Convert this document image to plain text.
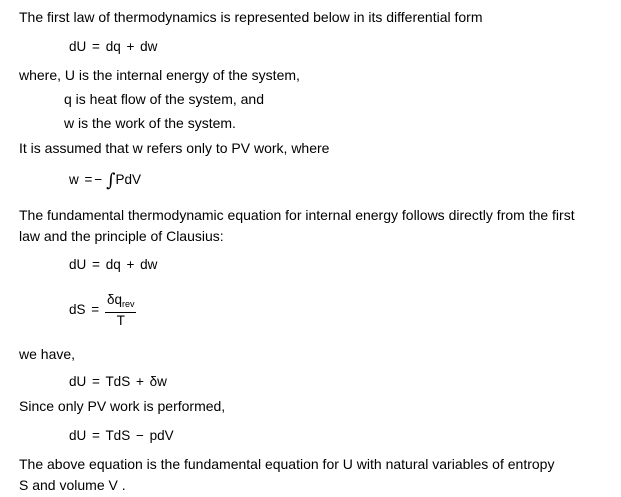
The first law of thermodynamics is represented below in its differential form
dU = dq + dw
where, U is the internal energy of the system,
q is heat flow of the system, and
w is the work of the system.
It is assumed that w refers only to PV work, where
w = − ∫PdV
The fundamental thermodynamic equation for internal energy follows directly from the first
law and the principle of Clausius:
dU = dq + dw
dS = $\frac{\delta q_{rev}}{T}$
we have,
dU = TdS + δw
Since only PV work is performed,
dU = TdS − pdV
The above equation is the fundamental equation for U with natural variables of entropy
S and volume V .
